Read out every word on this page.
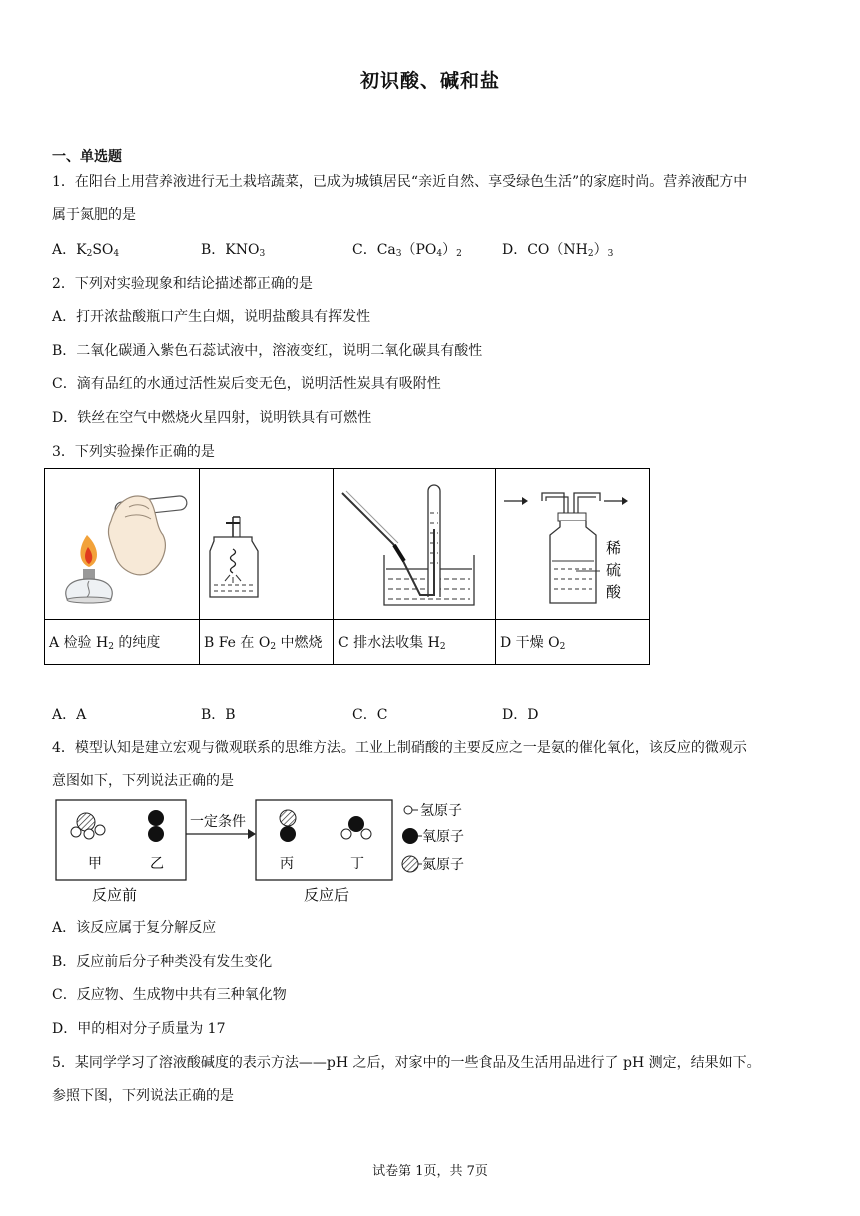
初识酸、碱和盐
一、单选题
1．在阳台上用营养液进行无土栽培蔬菜，已成为城镇居民“亲近自然、享受绿色生活”的家庭时尚。营养液配方中
属于氮肥的是
A．$K_2SO_4$	B．$KNO_3$	C．$Ca_3(PO_4)_2$	D．$CO(NH_2)_3$
2．下列对实验现象和结论描述都正确的是
A．打开浓盐酸瓶口产生白烟，说明盐酸具有挥发性
B．二氧化碳通入紫色石蕊试液中，溶液变红，说明二氧化碳具有酸性
C．滴有品红的水通过活性炭后变无色，说明活性炭具有吸附性
D．铁丝在空气中燃烧火星四射，说明铁具有可燃性
3．下列实验操作正确的是

稀
硫
酸

A 检验 $H_2$ 的纯度	B Fe 在 $O_2$ 中燃烧	C 排水法收集 $H_2$	D 干燥 $O_2$
A．A	B．B	C．C	D．D
4．模型认知是建立宏观与微观联系的思维方法。工业上制硝酸的主要反应之一是氨的催化氧化，该反应的微观示
意图如下，下列说法正确的是
甲	乙
反应前
一定条件
丙	丁
反应后
氢原子
氧原子
氮原子
A．该反应属于复分解反应
B．反应前后分子种类没有发生变化
C．反应物、生成物中共有三种氧化物
D．甲的相对分子质量为 17
5．某同学学习了溶液酸碱度的表示方法——pH 之后，对家中的一些食品及生活用品进行了 pH 测定，结果如下。
参照下图，下列说法正确的是
试卷第 1页，共 7页
